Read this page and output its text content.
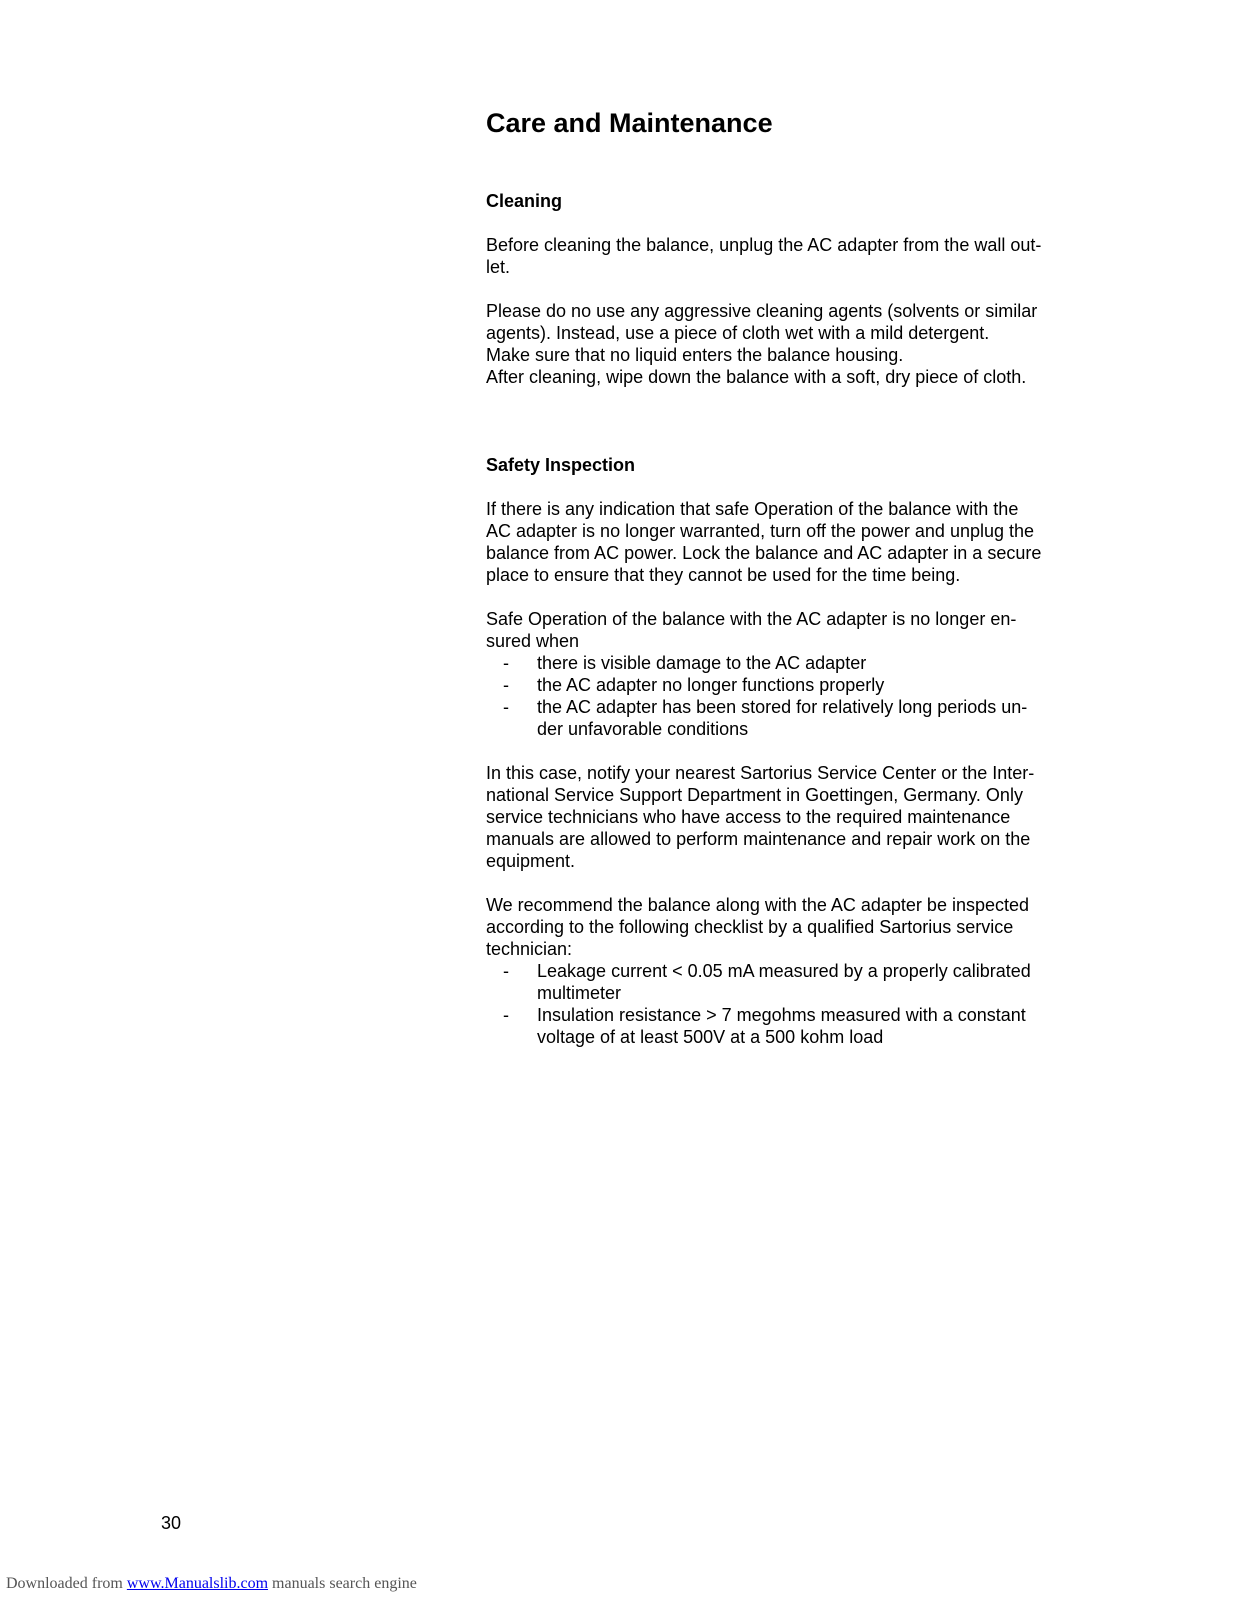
Care and Maintenance
Cleaning

Before cleaning the balance, unplug the AC adapter from the wall out-
let.

Please do no use any aggressive cleaning agents (solvents or similar
agents). Instead, use a piece of cloth wet with a mild detergent.
Make sure that no liquid enters the balance housing.
After cleaning, wipe down the balance with a soft, dry piece of cloth.

Safety Inspection

If there is any indication that safe Operation of the balance with the
AC adapter is no longer warranted, turn off the power and unplug the
balance from AC power. Lock the balance and AC adapter in a secure
place to ensure that they cannot be used for the time being.

Safe Operation of the balance with the AC adapter is no longer en-
sured when

- there is visible damage to the AC adapter
- the AC adapter no longer functions properly
- the AC adapter has been stored for relatively long periods un-
der unfavorable conditions

In this case, notify your nearest Sartorius Service Center or the Inter-
national Service Support Department in Goettingen, Germany. Only
service technicians who have access to the required maintenance
manuals are allowed to perform maintenance and repair work on the
equipment.

We recommend the balance along with the AC adapter be inspected
according to the following checklist by a qualified Sartorius service
technician:

- Leakage current < 0.05 mA measured by a properly calibrated
multimeter
- Insulation resistance > 7 megohms measured with a constant
voltage of at least 500V at a 500 kohm load
30
Downloaded from www.Manualslib.com manuals search engine
